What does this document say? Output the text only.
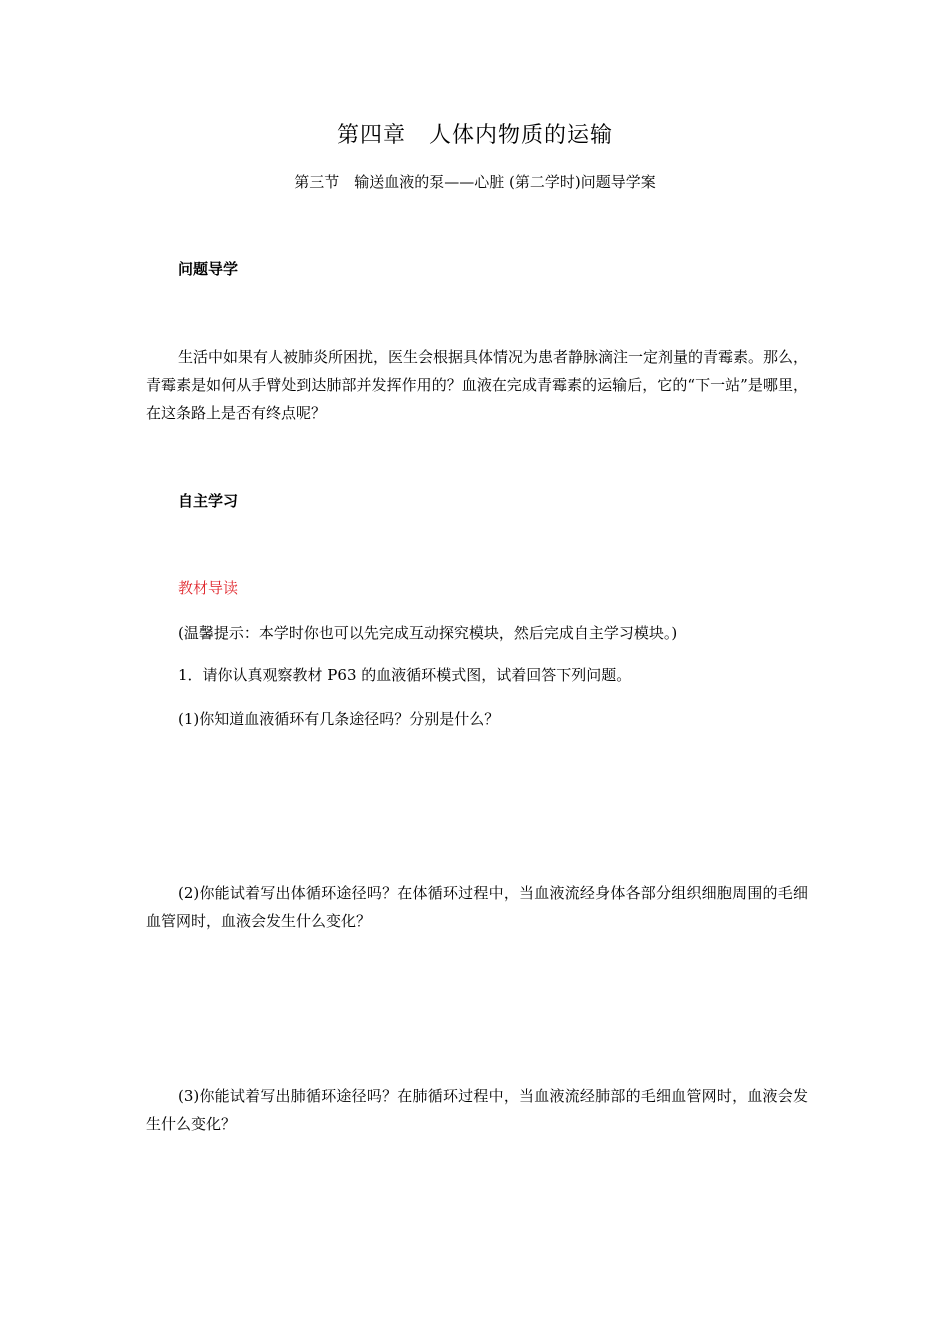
第四章　人体内物质的运输
第三节　输送血液的泵——心脏 (第二学时)问题导学案
问题导学
生活中如果有人被肺炎所困扰，医生会根据具体情况为患者静脉滴注一定剂量的青霉素。那么，青霉素是如何从手臂处到达肺部并发挥作用的？血液在完成青霉素的运输后，它的“下一站”是哪里，在这条路上是否有终点呢？
自主学习
教材导读
(温馨提示：本学时你也可以先完成互动探究模块，然后完成自主学习模块。)
1．请你认真观察教材 P63 的血液循环模式图，试着回答下列问题。
(1)你知道血液循环有几条途径吗？分别是什么？
(2)你能试着写出体循环途径吗？在体循环过程中，当血液流经身体各部分组织细胞周围的毛细血管网时，血液会发生什么变化？
(3)你能试着写出肺循环途径吗？在肺循环过程中，当血液流经肺部的毛细血管网时，血液会发生什么变化？
